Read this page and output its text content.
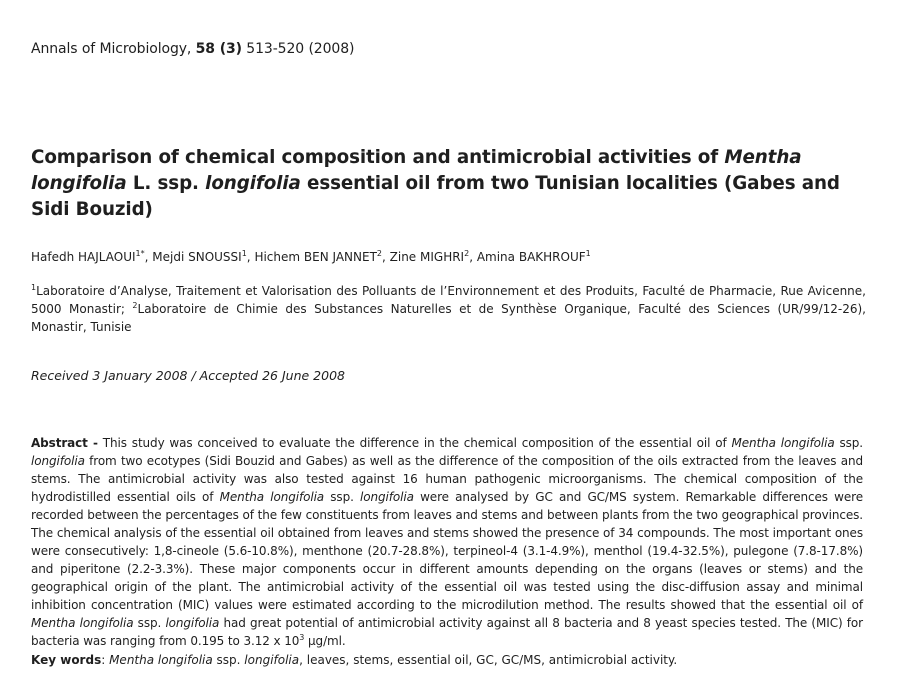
Annals of Microbiology, 58 (3) 513-520 (2008)
Comparison of chemical composition and antimicrobial activities of Mentha longifolia L. ssp. longifolia essential oil from two Tunisian localities (Gabes and Sidi Bouzid)
Hafedh $HAJLAOUI^{1*}$, Mejdi SNOUSSI$^1$, Hichem BEN JANNET$^2$, Zine MIGHRI$^2$, Amina BAKHROUF$^1$
$^1$Laboratoire d’Analyse, Traitement et Valorisation des Polluants de l’Environnement et des Produits, Faculté de Pharmacie, Rue Avicenne, 5000 Monastir; $^2$Laboratoire de Chimie des Substances Naturelles et de Synthèse Organique, Faculté des Sciences (UR/99/12-26), Monastir, Tunisie
Received 3 January 2008 / Accepted 26 June 2008
Abstract - This study was conceived to evaluate the difference in the chemical composition of the essential oil of Mentha longifolia ssp. longifolia from two ecotypes (Sidi Bouzid and Gabes) as well as the difference of the composition of the oils extracted from the leaves and stems. The antimicrobial activity was also tested against 16 human pathogenic microorganisms. The chemical composition of the hydrodistilled essential oils of Mentha longifolia ssp. longifolia were analysed by GC and GC/MS system. Remarkable differences were recorded between the percentages of the few constituents from leaves and stems and between plants from the two geographical provinces. The chemical analysis of the essential oil obtained from leaves and stems showed the presence of 34 compounds. The most important ones were consecutively: 1,8-cineole (5.6-10.8%), menthone (20.7-28.8%), terpineol-4 (3.1-4.9%), menthol (19.4-32.5%), pulegone (7.8-17.8%) and piperitone (2.2-3.3%). These major components occur in different amounts depending on the organs (leaves or stems) and the geographical origin of the plant. The antimicrobial activity of the essential oil was tested using the disc-diffusion assay and minimal inhibition concentration (MIC) values were estimated according to the microdilution method. The results showed that the essential oil of Mentha longifolia ssp. longifolia had great potential of antimicrobial activity against all 8 bacteria and 8 yeast species tested. The (MIC) for bacteria was ranging from 0.195 to 3.12 x $10^3$ µg/ml.
Key words: Mentha longifolia ssp. longifolia, leaves, stems, essential oil, GC, GC/MS, antimicrobial activity.
